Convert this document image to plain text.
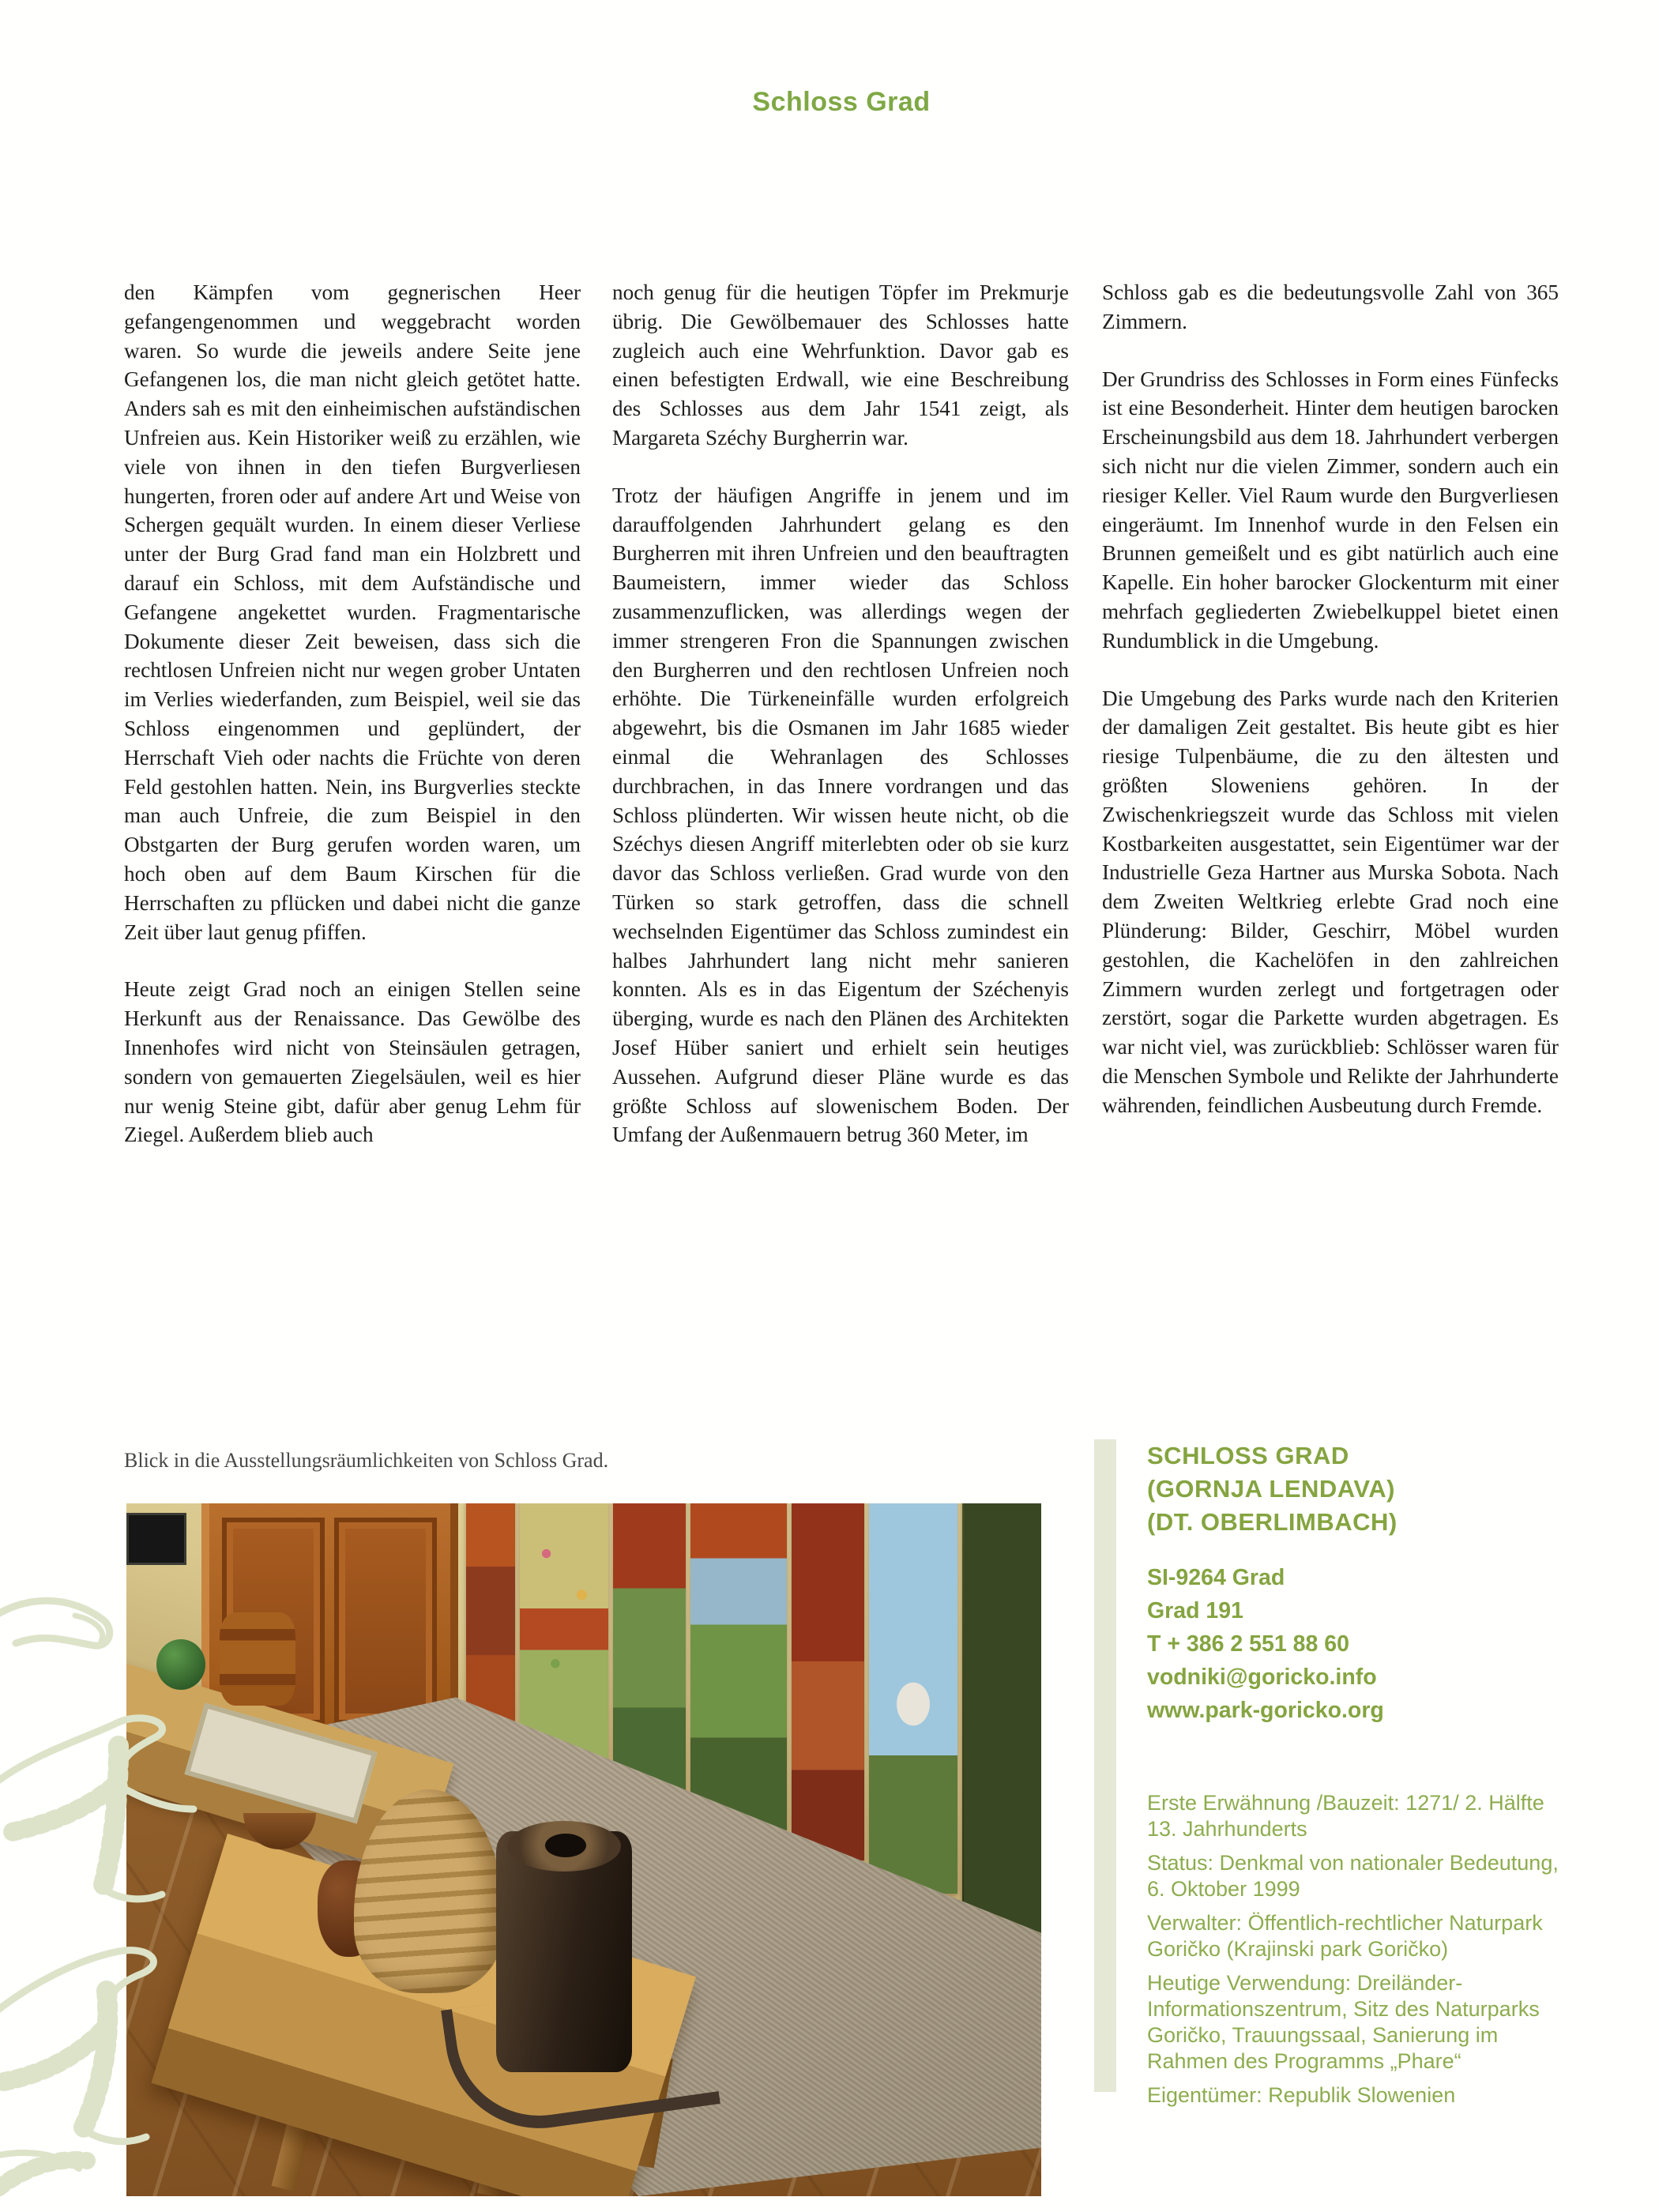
Schloss Grad

den Kämpfen vom gegnerischen Heer gefangengenommen und weggebracht worden waren. So wurde die jeweils andere Seite jene Gefangenen los, die man nicht gleich getötet hatte. Anders sah es mit den einheimischen aufständischen Unfreien aus. Kein Historiker weiß zu erzählen, wie viele von ihnen in den tiefen Burgverliesen hungerten, froren oder auf andere Art und Weise von Schergen gequält wurden. In einem dieser Verliese unter der Burg Grad fand man ein Holzbrett und darauf ein Schloss, mit dem Aufständische und Gefangene angekettet wurden. Fragmentarische Dokumente dieser Zeit beweisen, dass sich die rechtlosen Unfreien nicht nur wegen grober Untaten im Verlies wiederfanden, zum Beispiel, weil sie das Schloss eingenommen und geplündert, der Herrschaft Vieh oder nachts die Früchte von deren Feld gestohlen hatten. Nein, ins Burgverlies steckte man auch Unfreie, die zum Beispiel in den Obstgarten der Burg gerufen worden waren, um hoch oben auf dem Baum Kirschen für die Herrschaften zu pflücken und dabei nicht die ganze Zeit über laut genug pfiffen.

Heute zeigt Grad noch an einigen Stellen seine Herkunft aus der Renaissance. Das Gewölbe des Innenhofes wird nicht von Steinsäulen getragen, sondern von gemauerten Ziegelsäulen, weil es hier nur wenig Steine gibt, dafür aber genug Lehm für Ziegel. Außerdem blieb auch

noch genug für die heutigen Töpfer im Prekmurje übrig. Die Gewölbemauer des Schlosses hatte zugleich auch eine Wehrfunktion. Davor gab es einen befestigten Erdwall, wie eine Beschreibung des Schlosses aus dem Jahr 1541 zeigt, als Margareta Széchy Burgherrin war.

Trotz der häufigen Angriffe in jenem und im darauffolgenden Jahrhundert gelang es den Burgherren mit ihren Unfreien und den beauftragten Baumeistern, immer wieder das Schloss zusammenzuflicken, was allerdings wegen der immer strengeren Fron die Spannungen zwischen den Burgherren und den rechtlosen Unfreien noch erhöhte. Die Türkeneinfälle wurden erfolgreich abgewehrt, bis die Osmanen im Jahr 1685 wieder einmal die Wehranlagen des Schlosses durchbrachen, in das Innere vordrangen und das Schloss plünderten. Wir wissen heute nicht, ob die Széchys diesen Angriff miterlebten oder ob sie kurz davor das Schloss verließen. Grad wurde von den Türken so stark getroffen, dass die schnell wechselnden Eigentümer das Schloss zumindest ein halbes Jahrhundert lang nicht mehr sanieren konnten. Als es in das Eigentum der Széchenyis überging, wurde es nach den Plänen des Architekten Josef Hüber saniert und erhielt sein heutiges Aussehen. Aufgrund dieser Pläne wurde es das größte Schloss auf slowenischem Boden. Der Umfang der Außenmauern betrug 360 Meter, im

Schloss gab es die bedeutungsvolle Zahl von 365 Zimmern.

Der Grundriss des Schlosses in Form eines Fünfecks ist eine Besonderheit. Hinter dem heutigen barocken Erscheinungsbild aus dem 18. Jahrhundert verbergen sich nicht nur die vielen Zimmer, sondern auch ein riesiger Keller. Viel Raum wurde den Burgverliesen eingeräumt. Im Innenhof wurde in den Felsen ein Brunnen gemeißelt und es gibt natürlich auch eine Kapelle. Ein hoher barocker Glockenturm mit einer mehrfach gegliederten Zwiebelkuppel bietet einen Rundumblick in die Umgebung.

Die Umgebung des Parks wurde nach den Kriterien der damaligen Zeit gestaltet. Bis heute gibt es hier riesige Tulpenbäume, die zu den ältesten und größten Sloweniens gehören. In der Zwischenkriegszeit wurde das Schloss mit vielen Kostbarkeiten ausgestattet, sein Eigentümer war der Industrielle Geza Hartner aus Murska Sobota. Nach dem Zweiten Weltkrieg erlebte Grad noch eine Plünderung: Bilder, Geschirr, Möbel wurden gestohlen, die Kachelöfen in den zahlreichen Zimmern wurden zerlegt und fortgetragen oder zerstört, sogar die Parkette wurden abgetragen. Es war nicht viel, was zurückblieb: Schlösser waren für die Menschen Symbole und Relikte der Jahrhunderte währenden, feindlichen Ausbeutung durch Fremde.

Blick in die Ausstellungsräumlichkeiten von Schloss Grad.	SCHLOSS GRAD
(GORNJA LENDAVA)
(DT. OBERLIMBACH)

SI-9264 Grad

Grad 191

T + 386 2 551 88 60

vodniki@goricko.info

www.park-goricko.org

Erste Erwähnung /Bauzeit: 1271/ 2. Hälfte 13. Jahrhunderts

Status: Denkmal von nationaler Bedeutung, 6. Oktober 1999

Verwalter: Öffentlich-rechtlicher Naturpark Goričko (Krajinski park Goričko)

Heutige Verwendung: Dreiländer-Informationszentrum, Sitz des Naturparks Goričko, Trauungssaal, Sanierung im Rahmen des Programms „Phare“

Eigentümer: Republik Slowenien
